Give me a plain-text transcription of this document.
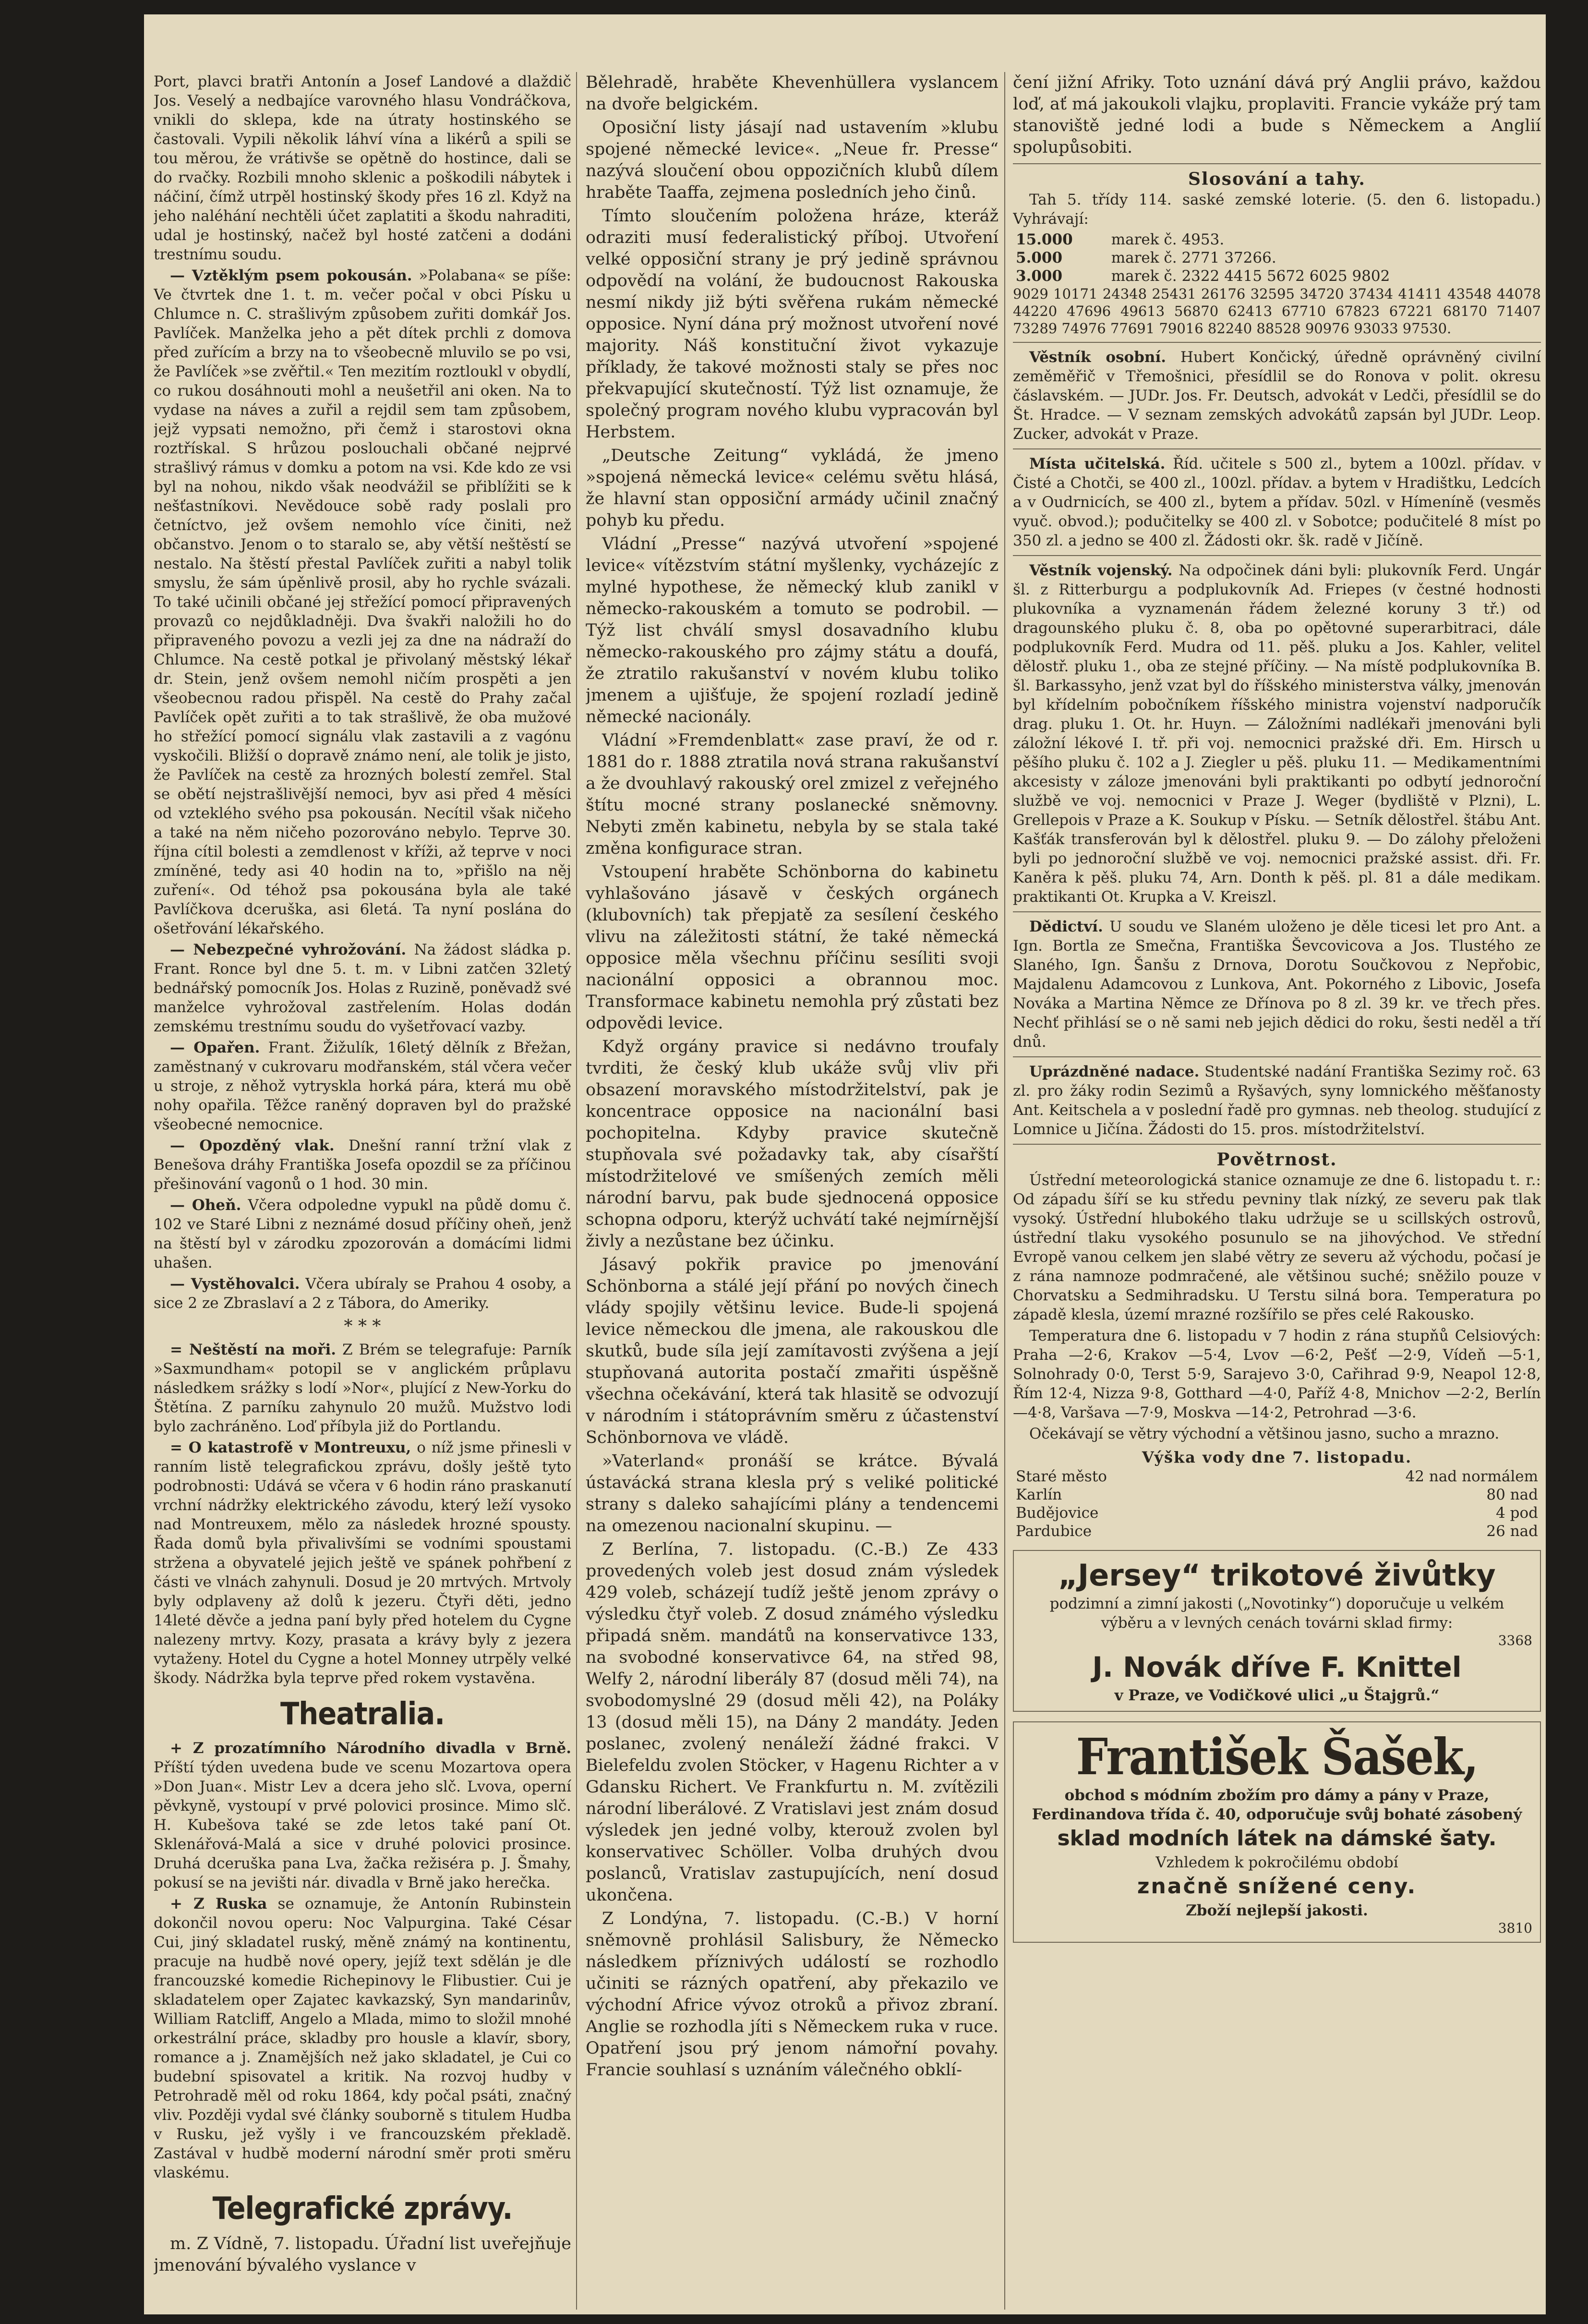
Port, plavci bratři Antonín a Josef Landové a dlaždič Jos. Veselý a nedbajíce varovného hlasu Vondráčkova, vnikli do sklepa, kde na útraty hostinského se častovali. Vypili několik láhví vína a likérů a spili se tou měrou, že vrátivše se opětně do hostince, dali se do rvačky. Rozbili mnoho sklenic a poškodili nábytek i náčiní, čímž utrpěl hostinský škody přes 16 zl. Když na jeho naléhání nechtěli účet zaplatiti a škodu nahraditi, udal je hostinský, načež byl hosté zatčeni a dodáni trestnímu soudu.

— Vztěklým psem pokousán. »Polabana« se píše: Ve čtvrtek dne 1. t. m. večer počal v obci Písku u Chlumce n. C. strašlivým způsobem zuřiti domkář Jos. Pavlíček. Manželka jeho a pět dítek prchli z domova před zuřícím a brzy na to všeobecně mluvilo se po vsi, že Pavlíček »se zvěřtil.« Ten mezitím roztloukl v obydlí, co rukou dosáhnouti mohl a neušetřil ani oken. Na to vydase na náves a zuřil a rejdil sem tam způsobem, jejž vypsati nemožno, při čemž i starostovi okna roztřískal. S hrůzou poslouchali občané nejprvé strašlivý rámus v domku a potom na vsi. Kde kdo ze vsi byl na nohou, nikdo však neodvážil se přiblížiti se k nešťastníkovi. Nevědouce sobě rady poslali pro četníctvo, jež ovšem nemohlo více činiti, než občanstvo. Jenom o to staralo se, aby větší neštěstí se nestalo. Na štěstí přestal Pavlíček zuřiti a nabyl tolik smyslu, že sám úpěnlivě prosil, aby ho rychle svázali. To také učinili občané jej střežící pomocí připravených provazů co nejdůkladněji. Dva švakři naložili ho do připraveného povozu a vezli jej za dne na nádraží do Chlumce. Na cestě potkal je přivolaný městský lékař dr. Stein, jenž ovšem nemohl ničím prospěti a jen všeobecnou radou přispěl. Na cestě do Prahy začal Pavlíček opět zuřiti a to tak strašlivě, že oba mužové ho střežící pomocí signálu vlak zastavili a z vagónu vyskočili. Bližší o dopravě známo není, ale tolik je jisto, že Pavlíček na cestě za hrozných bolestí zemřel. Stal se obětí nejstrašlivější nemoci, byv asi před 4 měsíci od vzteklého svého psa pokousán. Necítil však ničeho a také na něm ničeho pozorováno nebylo. Teprve 30. října cítil bolesti a zemdlenost v kříži, až teprve v noci zmíněné, tedy asi 40 hodin na to, »přišlo na něj zuření«. Od téhož psa pokousána byla ale také Pavlíčkova dceruška, asi 6letá. Ta nyní poslána do ošetřování lékařského.

— Nebezpečné vyhrožování. Na žádost sládka p. Frant. Ronce byl dne 5. t. m. v Libni zatčen 32letý bednářský pomocník Jos. Holas z Ruzině, poněvadž své manželce vyhrožoval zastřelením. Holas dodán zemskému trestnímu soudu do vyšetřovací vazby.

— Opařen. Frant. Žižulík, 16letý dělník z Břežan, zaměstnaný v cukrovaru modřanském, stál včera večer u stroje, z něhož vytryskla horká pára, která mu obě nohy opařila. Těžce raněný dopraven byl do pražské všeobecné nemocnice.

— Opozděný vlak. Dnešní ranní tržní vlak z Benešova dráhy Františka Josefa opozdil se za příčinou přešinování vagonů o 1 hod. 30 min.

— Oheň. Včera odpoledne vypukl na půdě domu č. 102 ve Staré Libni z neznámé dosud příčiny oheň, jenž na štěstí byl v zárodku zpozorován a domácími lidmi uhašen.

— Vystěhovalci. Včera ubíraly se Prahou 4 osoby, a sice 2 ze Zbraslaví a 2 z Tábora, do Ameriky.

* * *

= Neštěstí na moři. Z Brém se telegrafuje: Parník »Saxmundham« potopil se v anglickém průplavu následkem srážky s lodí »Nor«, plující z New-Yorku do Štětína. Z parníku zahynulo 20 mužů. Mužstvo lodi bylo zachráněno. Loď příbyla již do Portlandu.

= O katastrofě v Montreuxu, o níž jsme přinesli v ranním listě telegrafickou zprávu, došly ještě tyto podrobnosti: Udává se včera v 6 hodin ráno praskanutí vrchní nádržky elektrického závodu, který leží vysoko nad Montreuxem, mělo za následek hrozné spousty. Řada domů byla přivalivšími se vodními spoustami stržena a obyvatelé jejich ještě ve spánek pohřbení z části ve vlnách zahynuli. Dosud je 20 mrtvých. Mrtvoly byly odplaveny až dolů k jezeru. Čtyři děti, jedno 14leté děvče a jedna paní byly před hotelem du Cygne nalezeny mrtvy. Kozy, prasata a krávy byly z jezera vytaženy. Hotel du Cygne a hotel Monney utrpěly velké škody. Nádržka byla teprve před rokem vystavěna.

Theatralia.

+ Z prozatímního Národního divadla v Brně. Příští týden uvedena bude ve scenu Mozartova opera »Don Juan«. Mistr Lev a dcera jeho slč. Lvova, operní pěvkyně, vystoupí v prvé polovici prosince. Mimo slč. H. Kubešova také se zde letos také paní Ot. Sklenářová-Malá a sice v druhé polovici prosince. Druhá dceruška pana Lva, žačka režiséra p. J. Šmahy, pokusí se na jevišti nár. divadla v Brně jako herečka.

+ Z Ruska se oznamuje, že Antonín Rubinstein dokončil novou operu: Noc Valpurgina. Také César Cui, jiný skladatel ruský, měně známý na kontinentu, pracuje na hudbě nové opery, jejíž text sdělán je dle francouzské komedie Richepinovy le Flibustier. Cui je skladatelem oper Zajatec kavkazský, Syn mandarinův, William Ratcliff, Angelo a Mlada, mimo to složil mnohé orkestrální práce, skladby pro housle a klavír, sbory, romance a j. Znamějších než jako skladatel, je Cui co budební spisovatel a kritik. Na rozvoj hudby v Petrohradě měl od roku 1864, kdy počal psáti, značný vliv. Později vydal své články souborně s titulem Hudba v Rusku, jež vyšly i ve francouzském překladě. Zastával v hudbě moderní národní směr proti směru vlaskému.

Telegrafické zprávy.

m. Z Vídně, 7. listopadu. Úřadní list uveřejňuje jmenování bývalého vyslance v

Bělehradě, hraběte Khevenhüllera vyslancem na dvoře belgickém.

Oposiční listy jásají nad ustavením »klubu spojené německé levice«. „Neue fr. Presse“ nazývá sloučení obou oppozičních klubů dílem hraběte Taaffa, zejmena posledních jeho činů.

Tímto sloučením položena hráze, kteráž odraziti musí federalistický příboj. Utvoření velké opposiční strany je prý jedině správnou odpovědí na volání, že budoucnost Rakouska nesmí nikdy již býti svěřena rukám německé opposice. Nyní dána prý možnost utvoření nové majority. Náš konstituční život vykazuje příklady, že takové možnosti staly se přes noc překvapující skutečností. Týž list oznamuje, že společný program nového klubu vypracován byl Herbstem.

„Deutsche Zeitung“ vykládá, že jmeno »spojená německá levice« celému světu hlásá, že hlavní stan opposiční armády učinil značný pohyb ku předu.

Vládní „Presse“ nazývá utvoření »spojené levice« vítězstvím státní myšlenky, vycházejíc z mylné hypothese, že německý klub zanikl v německo-rakouském a tomuto se podrobil. — Týž list chválí smysl dosavadního klubu německo-rakouského pro zájmy státu a doufá, že ztratilo rakušanství v novém klubu toliko jmenem a ujišťuje, že spojení rozladí jedině německé nacionály.

Vládní »Fremdenblatt« zase praví, že od r. 1881 do r. 1888 ztratila nová strana rakušanství a že dvouhlavý rakouský orel zmizel z veřejného štítu mocné strany poslanecké sněmovny. Nebyti změn kabinetu, nebyla by se stala také změna konfigurace stran.

Vstoupení hraběte Schönborna do kabinetu vyhlašováno jásavě v českých orgánech (klubovních) tak přepjatě za sesílení českého vlivu na záležitosti státní, že také německá opposice měla všechnu příčinu sesíliti svoji nacionální opposici a obrannou moc. Transformace kabinetu nemohla prý zůstati bez odpovědi levice.

Když orgány pravice si nedávno troufaly tvrditi, že český klub ukáže svůj vliv při obsazení moravského místodržitelství, pak je koncentrace opposice na nacionální basi pochopitelna. Kdyby pravice skutečně stupňovala své požadavky tak, aby císařští místodržitelové ve smíšených zemích měli národní barvu, pak bude sjednocená opposice schopna odporu, kterýž uchvátí také nejmírnější živly a nezůstane bez účinku.

Jásavý pokřik pravice po jmenování Schönborna a stálé její přání po nových činech vlády spojily většinu levice. Bude-li spojená levice německou dle jmena, ale rakouskou dle skutků, bude síla její zamítavosti zvýšena a její stupňovaná autorita postačí zmařiti úspěšně všechna očekávání, která tak hlasitě se odvozují v národním i státoprávním směru z účastenství Schönbornova ve vládě.

»Vaterland« pronáší se krátce. Bývalá ústavácká strana klesla prý s veliké politické strany s daleko sahajícími plány a tendencemi na omezenou nacionalní skupinu. —

Z Berlína, 7. listopadu. (C.-B.) Ze 433 provedených voleb jest dosud znám výsledek 429 voleb, scházejí tudíž ještě jenom zprávy o výsledku čtyř voleb. Z dosud známého výsledku připadá sněm. mandátů na konservativce 133, na svobodné konservativce 64, na střed 98, Welfy 2, národní liberály 87 (dosud měli 74), na svobodomyslné 29 (dosud měli 42), na Poláky 13 (dosud měli 15), na Dány 2 mandáty. Jeden poslanec, zvolený nenáleží žádné frakci. V Bielefeldu zvolen Stöcker, v Hagenu Richter a v Gdansku Richert. Ve Frankfurtu n. M. zvítězili národní liberálové. Z Vratislavi jest znám dosud výsledek jen jedné volby, kterouž zvolen byl konservativec Schöller. Volba druhých dvou poslanců, Vratislav zastupujících, není dosud ukončena.

Z Londýna, 7. listopadu. (C.-B.) V horní sněmovně prohlásil Salisbury, že Německo následkem příznivých událostí se rozhodlo učiniti se rázných opatření, aby překazilo ve východní Africe vývoz otroků a přivoz zbraní. Anglie se rozhodla jíti s Německem ruka v ruce. Opatření jsou prý jenom námořní povahy. Francie souhlasí s uznáním válečného obklí-

čení jižní Afriky. Toto uznání dává prý Anglii právo, každou loď, ať má jakoukoli vlajku, proplaviti. Francie vykáže prý tam stanoviště jedné lodi a bude s Německem a Anglií spolupůsobiti.

Slosování a tahy.

Tah 5. třídy 114. saské zemské loterie. (5. den 6. listopadu.) Vyhrávají:

15.000	marek č. 4953.
5.000	marek č. 2771 37266.
3.000	marek č. 2322 4415 5672 6025 9802

9029 10171 24348 25431 26176 32595 34720 37434 41411 43548 44078 44220 47696 49613 56870 62413 67710 67823 67221 68170 71407 73289 74976 77691 79016 82240 88528 90976 93033 97530.

Věstník osobní. Hubert Končický, úředně oprávněný civilní zeměměřič v Třemošnici, přesídlil se do Ronova v polit. okresu čáslavském. — JUDr. Jos. Fr. Deutsch, advokát v Ledči, přesídlil se do Št. Hradce. — V seznam zemských advokátů zapsán byl JUDr. Leop. Zucker, advokát v Praze.

Místa učitelská. Říd. učitele s 500 zl., bytem a 100zl. přídav. v Čisté a Chotči, se 400 zl., 100zl. přídav. a bytem v Hradištku, Ledcích a v Oudrnicích, se 400 zl., bytem a přídav. 50zl. v Hímeníně (vesměs vyuč. obvod.); podučitelky se 400 zl. v Sobotce; podučitelé 8 míst po 350 zl. a jedno se 400 zl. Žádosti okr. šk. radě v Jičíně.

Věstník vojenský. Na odpočinek dáni byli: plukovník Ferd. Ungár šl. z Ritterburgu a podplukovník Ad. Friepes (v čestné hodnosti plukovníka a vyznamenán řádem železné koruny 3 tř.) od dragounského pluku č. 8, oba po opětovné superarbitraci, dále podplukovník Ferd. Mudra od 11. pěš. pluku a Jos. Kahler, velitel dělostř. pluku 1., oba ze stejné příčiny. — Na místě podplukovníka B. šl. Barkassyho, jenž vzat byl do říšského ministerstva války, jmenován byl křídelním pobočníkem říšského ministra vojenství nadporučík drag. pluku 1. Ot. hr. Huyn. — Záložními nadlékaři jmenováni byli záložní lékové I. tř. při voj. nemocnici pražské dři. Em. Hirsch u pěšího pluku č. 102 a J. Ziegler u pěš. pluku 11. — Medikamentními akcesisty v záloze jmenováni byli praktikanti po odbytí jednoroční službě ve voj. nemocnici v Praze J. Weger (bydliště v Plzni), L. Grellepois v Praze a K. Soukup v Písku. — Setník dělostřel. štábu Ant. Kašťák transferován byl k dělostřel. pluku 9. — Do zálohy přeloženi byli po jednoroční službě ve voj. nemocnici pražské assist. dři. Fr. Kaněra k pěš. pluku 74, Arn. Donth k pěš. pl. 81 a dále medikam. praktikanti Ot. Krupka a V. Kreiszl.

Dědictví. U soudu ve Slaném uloženo je děle ticesi let pro Ant. a Ign. Bortla ze Smečna, Františka Ševcovicova a Jos. Tlustého ze Slaného, Ign. Šanšu z Drnova, Dorotu Součkovou z Nepřobic, Majdalenu Adamcovou z Lunkova, Ant. Pokorného z Libovic, Josefa Nováka a Martina Němce ze Dřínova po 8 zl. 39 kr. ve třech přes. Nechť přihlásí se o ně sami neb jejich dědici do roku, šesti neděl a tří dnů.

Uprázdněné nadace. Studentské nadání Františka Sezimy roč. 63 zl. pro žáky rodin Sezimů a Ryšavých, syny lomnického měšťanosty Ant. Keitschela a v poslední řadě pro gymnas. neb theolog. studující z Lomnice u Jičína. Žádosti do 15. pros. místodržitelství.

Povětrnost.

Ústřední meteorologická stanice oznamuje ze dne 6. listopadu t. r.: Od západu šíří se ku středu pevniny tlak nízký, ze severu pak tlak vysoký. Ústřední hlubokého tlaku udržuje se u scillských ostrovů, ústřední tlaku vysokého posunulo se na jihovýchod. Ve střední Evropě vanou celkem jen slabé větry ze severu až východu, počasí je z rána namnoze podmračené, ale většinou suché; sněžilo pouze v Chorvatsku a Sedmihradsku. U Terstu silná bora. Temperatura po západě klesla, území mrazné rozšířilo se přes celé Rakousko.

Temperatura dne 6. listopadu v 7 hodin z rána stupňů Celsiových: Praha —2·6, Krakov —5·4, Lvov —6·2, Pešť —2·9, Vídeň —5·1, Solnohrady 0·0, Terst 5·9, Sarajevo 3·0, Cařihrad 9·9, Neapol 12·8, Řím 12·4, Nizza 9·8, Gotthard —4·0, Paříž 4·8, Mnichov —2·2, Berlín —4·8, Varšava —7·9, Moskva —14·2, Petrohrad —3·6.

Očekávají se větry východní a většinou jasno, sucho a mrazno.

Výška vody dne 7. listopadu.
Staré město	42 nad normálem
Karlín	80 nad
Budějovice	4 pod
Pardubice	26 nad
„Jersey“ trikotové živůtky
podzimní a zimní jakosti („Novotinky“) doporučuje u velkém výběru a v levných cenách továrni sklad firmy:
3368
J. Novák dříve F. Knittel
v Praze, ve Vodičkové ulici „u Štajgrů.“
František Šašek,
obchod s módním zbožím pro dámy a pány v Praze, Ferdinandova třída č. 40, odporučuje svůj bohaté zásobený
sklad modních látek na dámské šaty.
Vzhledem k pokročilému období
značně snížené ceny.
Zboží nejlepší jakosti.
3810
